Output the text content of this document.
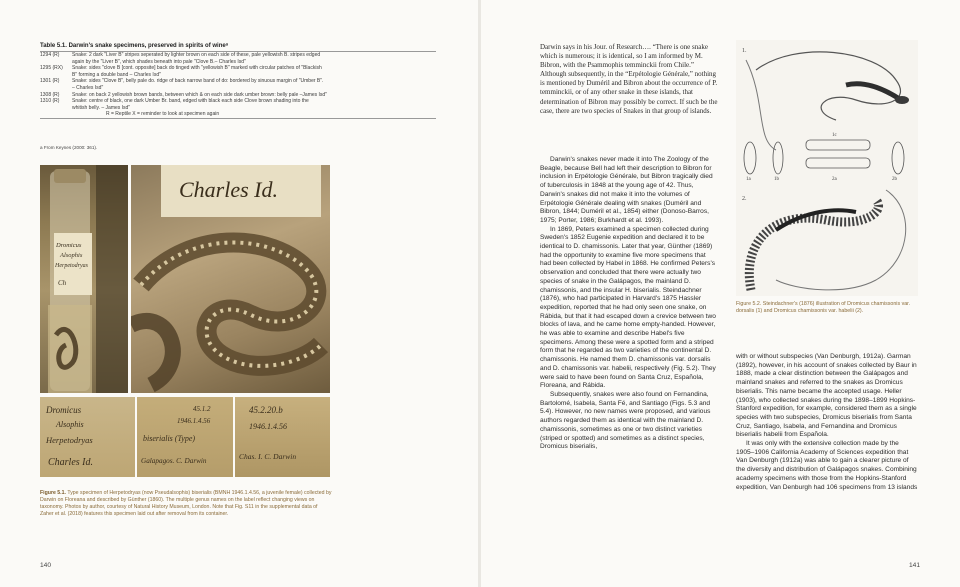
Table 5.1. Darwin's snake specimens, preserved in spirits of wineᵃ
1294 (R)	Snake: 2 dark "Liver B" stripes seperated by lighter brown on each side of these, pale yellowish B. stripes edged
again by the "Liver B", which shades beneath into pale "Clove B.– Charles Isd"
1295 (RX)	Snake: sides "clove B [cont. opposite] back do tinged with "yellowish B" marked with circular patches of "Blackish
B" forming a double band – Charles Isd"
1301 (R)	Snake: sides "Clove B", belly pale do. ridge of back narrow band of do: bordered by sinuous margin of "Umber B".
– Charles Isd"
1308 (R)	Snake: on back 2 yellowish brown bands, between which & on each side dark umber brown: belly pale –James Isd"
1310 (R)	Snake: centre of black, one dark Umber Br. band, edged with black each side Clove brown shading into the
whitish belly. – James Isd"
R = Reptile X = reminder to look at specimen again
a From Keynes (2000: 361).
Dromicus
Alsophis
Herpetodryas
Ch
Charles Id.
Dromicus
Alsophis
Herpetodryas
Charles Id.
45.1.2
1946.1.4.56
biserialis (Type)
Galapagos. C. Darwin
45.2.20.b
1946.1.4.56
Chas. I. C. Darwin
Figure 5.1. Type specimen of Herpetodryas (now Pseudalsophis) biserialis (BMNH 1946.1.4.56, a juvenile female) collected by Darwin on Floreana and described by Günther (1860). The multiple genus names on the label reflect changing views on taxonomy. Photos by author, courtesy of Natural History Museum, London. Note that Fig. S11 in the supplemental data of Zaher et al. (2018) features this specimen laid out after removal from its container.
140

Darwin says in his Jour. of Research…. “There is one snake which is numerous; it is identical, so I am informed by M. Bibron, with the Psammophis temminckii from Chile.” Although subsequently, in the “Erpétologie Générale,” nothing is mentioned by Duméril and Bibron about the occurrence of P. temminckii, or of any other snake in these islands, that determination of Bibron may possibly be correct. If such be the case, there are two species of Snakes in that group of islands.

Darwin's snakes never made it into The Zoology of the Beagle, because Bell had left their description to Bibron for inclusion in Erpétologie Générale, but Bibron tragically died of tuberculosis in 1848 at the young age of 42. Thus, Darwin's snakes did not make it into the volumes of Erpétologie Générale dealing with snakes (Duméril and Bibron, 1844; Duméril et al., 1854) either (Donoso-Barros, 1975; Porter, 1986; Burkhardt et al. 1993).

In 1869, Peters examined a specimen collected during Sweden's 1852 Eugenie expedition and declared it to be identical to D. chamissonis. Later that year, Günther (1869) had the opportunity to examine five more specimens that had been collected by Habel in 1868. He confirmed Peters's observation and concluded that there were actually two species of snake in the Galápagos, the mainland D. chamissonis, and the insular H. biserialis. Steindachner (1876), who had participated in Harvard's 1875 Hassler expedition, reported that he had only seen one snake, on Rábida, but that it had escaped down a crevice between two blocks of lava, and he came home empty-handed. However, he was able to examine and describe Habel's five specimens. Among these were a spotted form and a striped form that he regarded as two varieties of the continental D. chamissonis. He named them D. chamissonis var. dorsalis and D. chamissonis var. habelii, respectively (Fig. 5.2). They were said to have been found on Santa Cruz, Española, Floreana, and Rábida.

Subsequently, snakes were also found on Fernandina, Bartolomé, Isabela, Santa Fé, and Santiago (Figs. 5.3 and 5.4). However, no new names were proposed, and various authors regarded them as identical with the mainland D. chamissonis, sometimes as one or two distinct varieties (striped or spotted) and sometimes as a distinct species, Dromicus biserialis,

1.
2.
1a	1b
1c
2a	2b
Figure 5.2. Steindachner's (1876) illustration of Dromicus chamissonis var. dorsalis (1) and Dromicus chamissonis var. habelii (2).

with or without subspecies (Van Denburgh, 1912a). Garman (1892), however, in his account of snakes collected by Baur in 1888, made a clear distinction between the Galápagos and mainland snakes and referred to the snakes as Dromicus biserialis. This name became the accepted usage. Heller (1903), who collected snakes during the 1898–1899 Hopkins-Stanford expedition, for example, considered them as a single species with two subspecies, Dromicus biserialis from Santa Cruz, Santiago, Isabela, and Fernandina and Dromicus biserialis habelii from Española.

It was only with the extensive collection made by the 1905–1906 California Academy of Sciences expedition that Van Denburgh (1912a) was able to gain a clearer picture of the diversity and distribution of Galápagos snakes. Combining academy specimens with those from the Hopkins-Stanford expedition, Van Denburgh had 106 specimens from 13 islands

141
